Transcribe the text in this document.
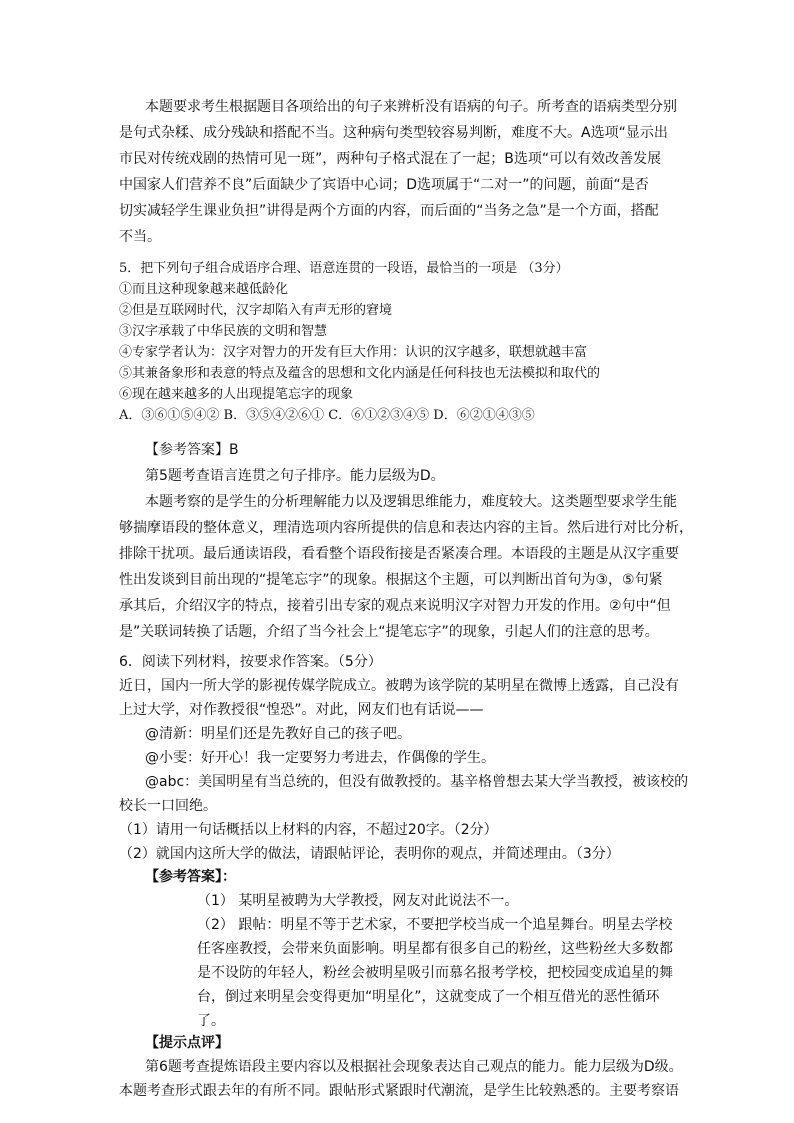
本题要求考生根据题目各项给出的句子来辨析没有语病的句子。所考查的语病类型分别
是句式杂糅、成分残缺和搭配不当。这种病句类型较容易判断，难度不大。A选项“显示出
市民对传统戏剧的热情可见一斑”，两种句子格式混在了一起；B选项“可以有效改善发展
中国家人们营养不良”后面缺少了宾语中心词；D选项属于“二对一”的问题，前面“是否
切实减轻学生课业负担”讲得是两个方面的内容，而后面的“当务之急”是一个方面，搭配
不当。
5．把下列句子组合成语序合理、语意连贯的一段语，最恰当的一项是 （3分）
①而且这种现象越来越低龄化
②但是互联网时代，汉字却陷入有声无形的窘境
③汉字承载了中华民族的文明和智慧
④专家学者认为：汉字对智力的开发有巨大作用：认识的汉字越多，联想就越丰富
⑤其兼备象形和表意的特点及蕴含的思想和文化内涵是任何科技也无法模拟和取代的
⑥现在越来越多的人出现提笔忘字的现象
A．③⑥①⑤④② B．③⑤④②⑥① C．⑥①②③④⑤ D．⑥②①④③⑤
【参考答案】B
第5题考查语言连贯之句子排序。能力层级为D。
本题考察的是学生的分析理解能力以及逻辑思维能力，难度较大。这类题型要求学生能
够揣摩语段的整体意义，理清选项内容所提供的信息和表达内容的主旨。然后进行对比分析，
排除干扰项。最后通读语段，看看整个语段衔接是否紧凑合理。本语段的主题是从汉字重要
性出发谈到目前出现的“提笔忘字”的现象。根据这个主题，可以判断出首句为③，⑤句紧
承其后，介绍汉字的特点，接着引出专家的观点来说明汉字对智力开发的作用。②句中“但
是”关联词转换了话题，介绍了当今社会上“提笔忘字”的现象，引起人们的注意的思考。
6．阅读下列材料，按要求作答案。（5分）
近日，国内一所大学的影视传媒学院成立。被聘为该学院的某明星在微博上透露，自己没有
上过大学，对作教授很“惶恐”。对此，网友们也有话说——
@清新：明星们还是先教好自己的孩子吧。
@小雯：好开心！我一定要努力考进去，作偶像的学生。
@abc：美国明星有当总统的，但没有做教授的。基辛格曾想去某大学当教授，被该校的
校长一口回绝。
（1）请用一句话概括以上材料的内容，不超过20字。（2分）
（2）就国内这所大学的做法，请跟帖评论，表明你的观点，并简述理由。（3分）
【参考答案】：
（1） 某明星被聘为大学教授，网友对此说法不一。
（2） 跟帖：明星不等于艺术家，不要把学校当成一个追星舞台。明星去学校
任客座教授，会带来负面影响。明星都有很多自己的粉丝，这些粉丝大多数都
是不设防的年轻人，粉丝会被明星吸引而慕名报考学校，把校园变成追星的舞
台，倒过来明星会变得更加“明星化”，这就变成了一个相互借光的恶性循环
了。
【提示点评】
第6题考查提炼语段主要内容以及根据社会现象表达自己观点的能力。能力层级为D级。
本题考查形式跟去年的有所不同。跟帖形式紧跟时代潮流，是学生比较熟悉的。主要考察语
